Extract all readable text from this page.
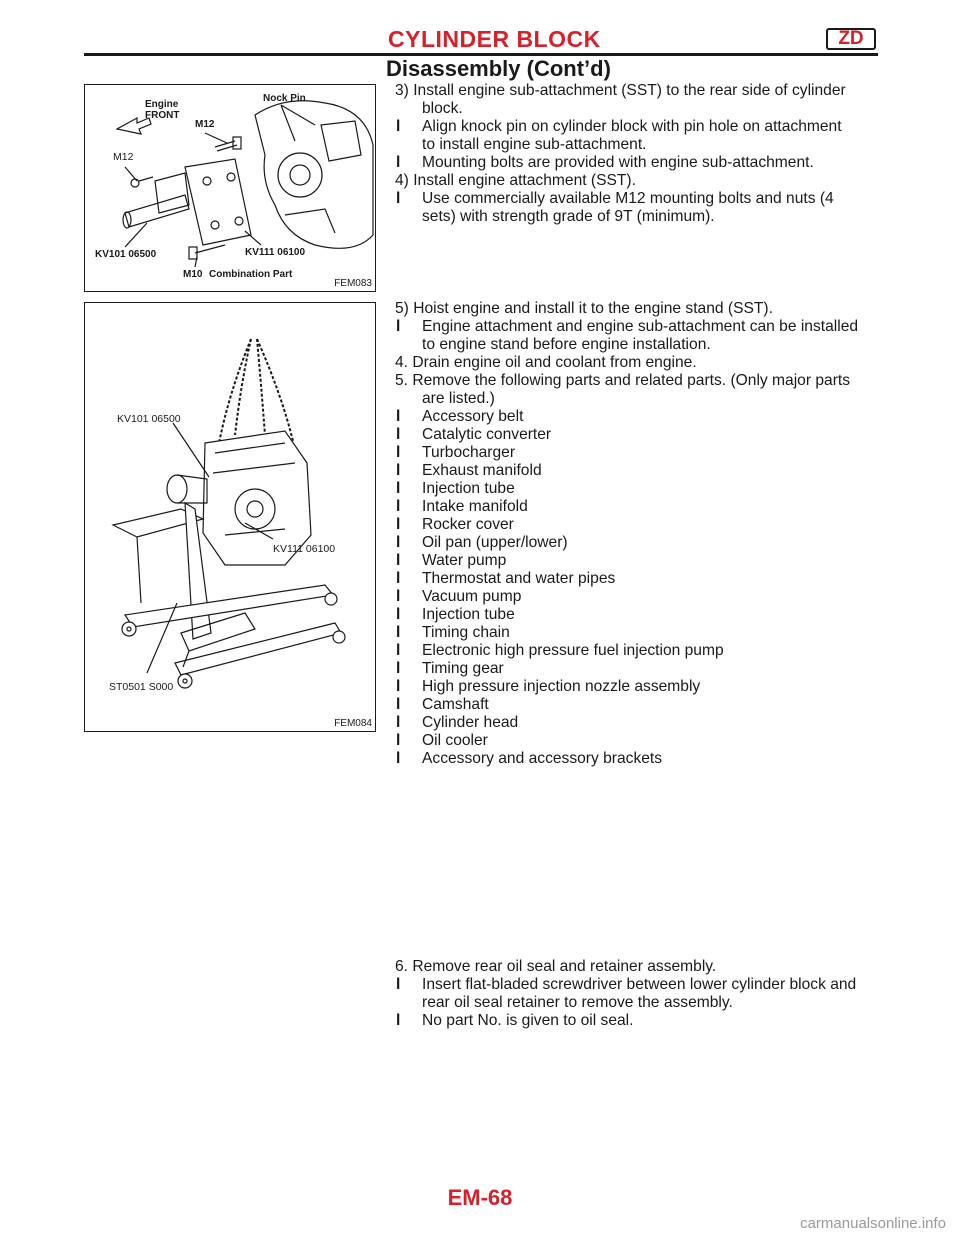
CYLINDER BLOCK	ZD
Disassembly (Cont’d)
Engine
FRONT
Nock Pin
M12
M12
KV101 06500	KV111 06100
M10 Combination Part
FEM083
KV101 06500
KV111 06100
ST0501 S000
FEM084
3) Install engine sub-attachment (SST) to the rear side of cylinder
block.
l Align knock pin on cylinder block with pin hole on attachment
to install engine sub-attachment.
l Mounting bolts are provided with engine sub-attachment.
4) Install engine attachment (SST).
l Use commercially available M12 mounting bolts and nuts (4
sets) with strength grade of 9T (minimum).
5) Hoist engine and install it to the engine stand (SST).
l Engine attachment and engine sub-attachment can be installed
to engine stand before engine installation.
4. Drain engine oil and coolant from engine.
5. Remove the following parts and related parts. (Only major parts
are listed.)
l Accessory belt
l Catalytic converter
l Turbocharger
l Exhaust manifold
l Injection tube
l Intake manifold
l Rocker cover
l Oil pan (upper/lower)
l Water pump
l Thermostat and water pipes
l Vacuum pump
l Injection tube
l Timing chain
l Electronic high pressure fuel injection pump
l Timing gear
l High pressure injection nozzle assembly
l Camshaft
l Cylinder head
l Oil cooler
l Accessory and accessory brackets
6. Remove rear oil seal and retainer assembly.
l Insert flat-bladed screwdriver between lower cylinder block and
rear oil seal retainer to remove the assembly.
l No part No. is given to oil seal.
EM-68
carmanualsonline.info
